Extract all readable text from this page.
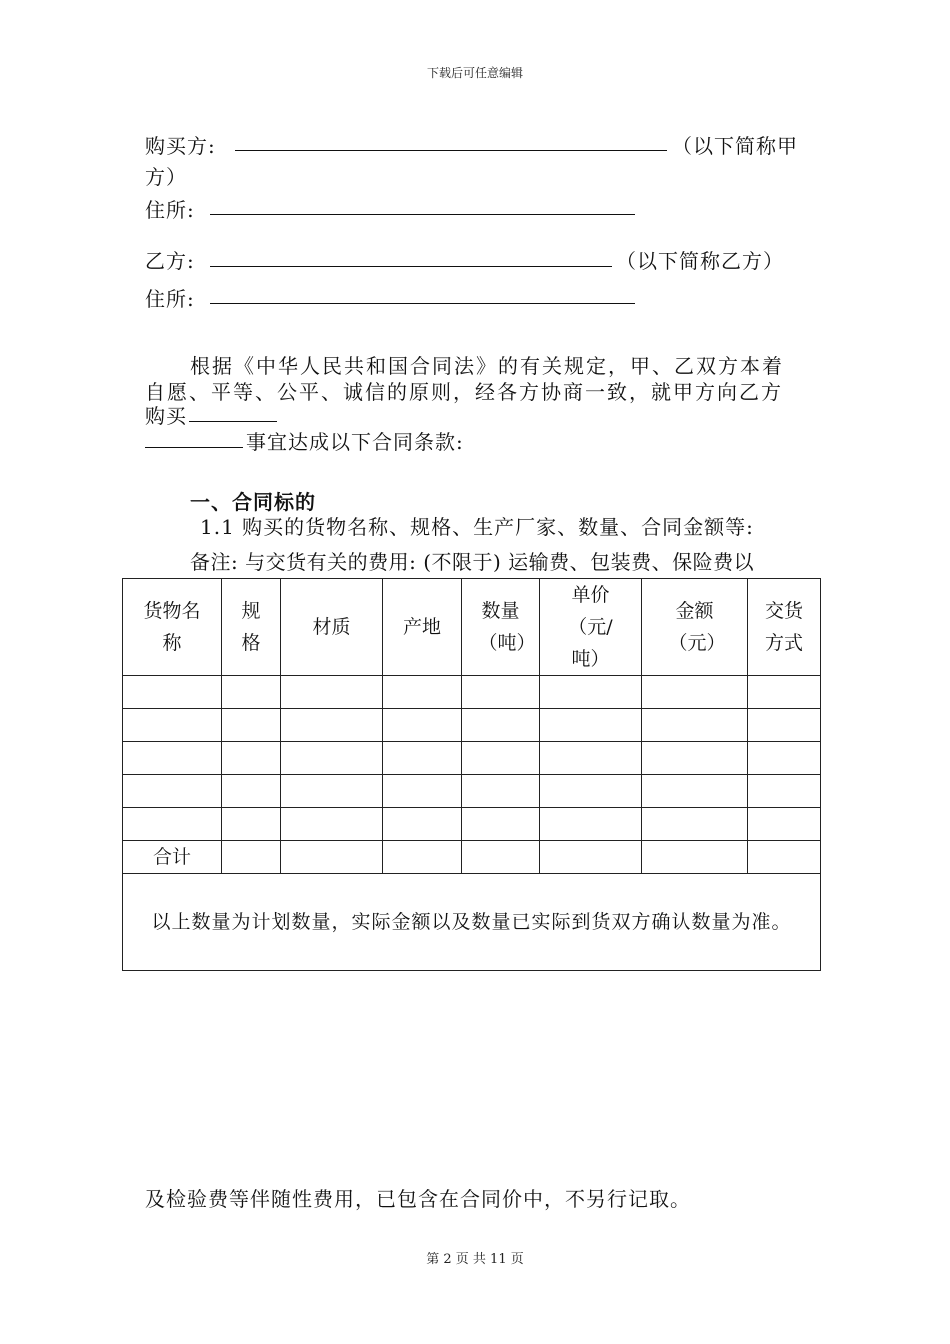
下载后可任意编辑
购买方:	（以下简称甲
方）
住所:
乙方:	（以下简称乙方）
住所:
根据《中华人民共和国合同法》的有关规定，甲、乙双方本着
自愿、平等、公平、诚信的原则，经各方协商一致，就甲方向乙方
购买
事宜达成以下合同条款:
一、合同标的
1.1 购买的货物名称、规格、生产厂家、数量、合同金额等:
备注: 与交货有关的费用: (不限于) 运输费、包装费、保险费以
货物名称	规格	材质	产地	数量（吨）	单价（元/吨）	金额（元）	交货方式

合计							
以上数量为计划数量，实际金额以及数量已实际到货双方确认数量为准。							
及检验费等伴随性费用，已包含在合同价中，不另行记取。
第 2 页 共 11 页
